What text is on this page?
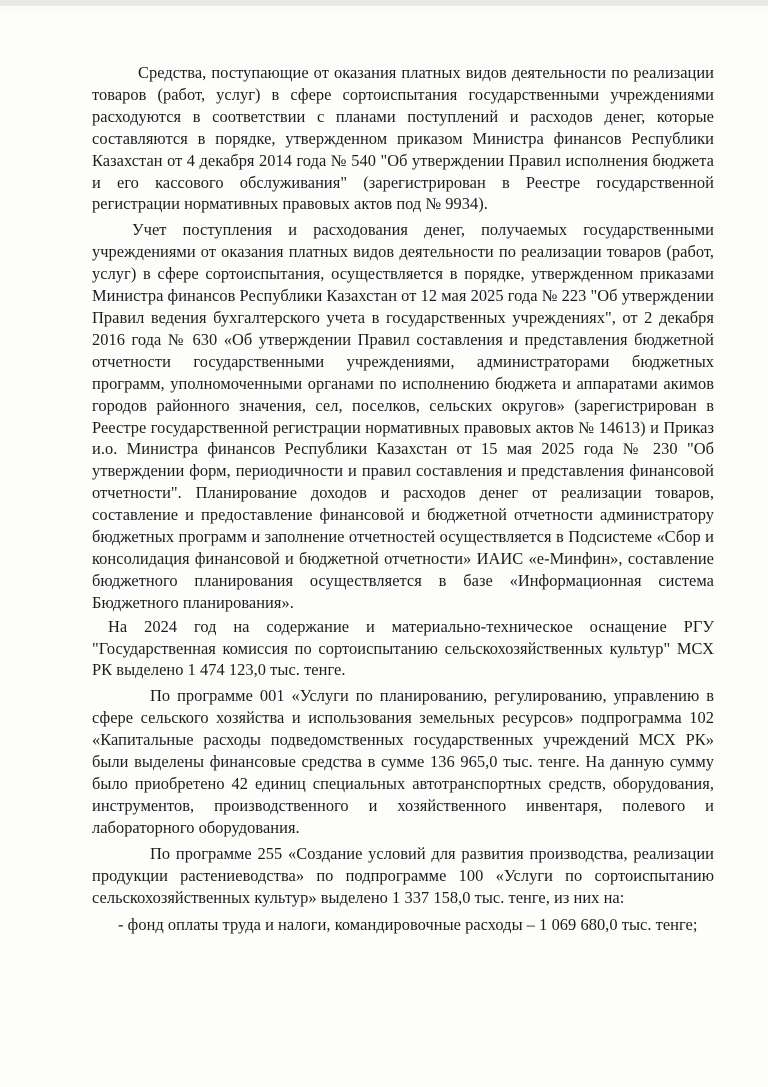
Средства, поступающие от оказания платных видов деятельности по реализации товаров (работ, услуг) в сфере сортоиспытания государственными учреждениями расходуются в соответствии с планами поступлений и расходов денег, которые составляются в порядке, утвержденном приказом Министра финансов Республики Казахстан от 4 декабря 2014 года № 540 "Об утверждении Правил исполнения бюджета и его кассового обслуживания" (зарегистрирован в Реестре государственной регистрации нормативных правовых актов под № 9934).

Учет поступления и расходования денег, получаемых государственными учреждениями от оказания платных видов деятельности по реализации товаров (работ, услуг) в сфере сортоиспытания, осуществляется в порядке, утвержденном приказами Министра финансов Республики Казахстан от 12 мая 2025 года № 223 "Об утверждении Правил ведения бухгалтерского учета в государственных учреждениях", от 2 декабря 2016 года № 630 «Об утверждении Правил составления и представления бюджетной отчетности государственными учреждениями, администраторами бюджетных программ, уполномоченными органами по исполнению бюджета и аппаратами акимов городов районного значения, сел, поселков, сельских округов» (зарегистрирован в Реестре государственной регистрации нормативных правовых актов № 14613) и Приказ и.о. Министра финансов Республики Казахстан от 15 мая 2025 года № 230 "Об утверждении форм, периодичности и правил составления и представления финансовой отчетности". Планирование доходов и расходов денег от реализации товаров, составление и предоставление финансовой и бюджетной отчетности администратору бюджетных программ и заполнение отчетностей осуществляется в Подсистеме «Сбор и консолидация финансовой и бюджетной отчетности» ИАИС «е-Минфин», составление бюджетного планирования осуществляется в базе «Информационная система Бюджетного планирования».

На 2024 год на содержание и материально-техническое оснащение РГУ "Государственная комиссия по сортоиспытанию сельскохозяйственных культур" МСХ РК выделено 1 474 123,0 тыс. тенге.

По программе 001 «Услуги по планированию, регулированию, управлению в сфере сельского хозяйства и использования земельных ресурсов» подпрограмма 102 «Капитальные расходы подведомственных государственных учреждений МСХ РК» были выделены финансовые средства в сумме 136 965,0 тыс. тенге. На данную сумму было приобретено 42 единиц специальных автотранспортных средств, оборудования, инструментов, производственного и хозяйственного инвентаря, полевого и лабораторного оборудования.

По программе 255 «Создание условий для развития производства, реализации продукции растениеводства» по подпрограмме 100 «Услуги по сортоиспытанию сельскохозяйственных культур» выделено 1 337 158,0 тыс. тенге, из них на:

- фонд оплаты труда и налоги, командировочные расходы – 1 069 680,0 тыс. тенге;
